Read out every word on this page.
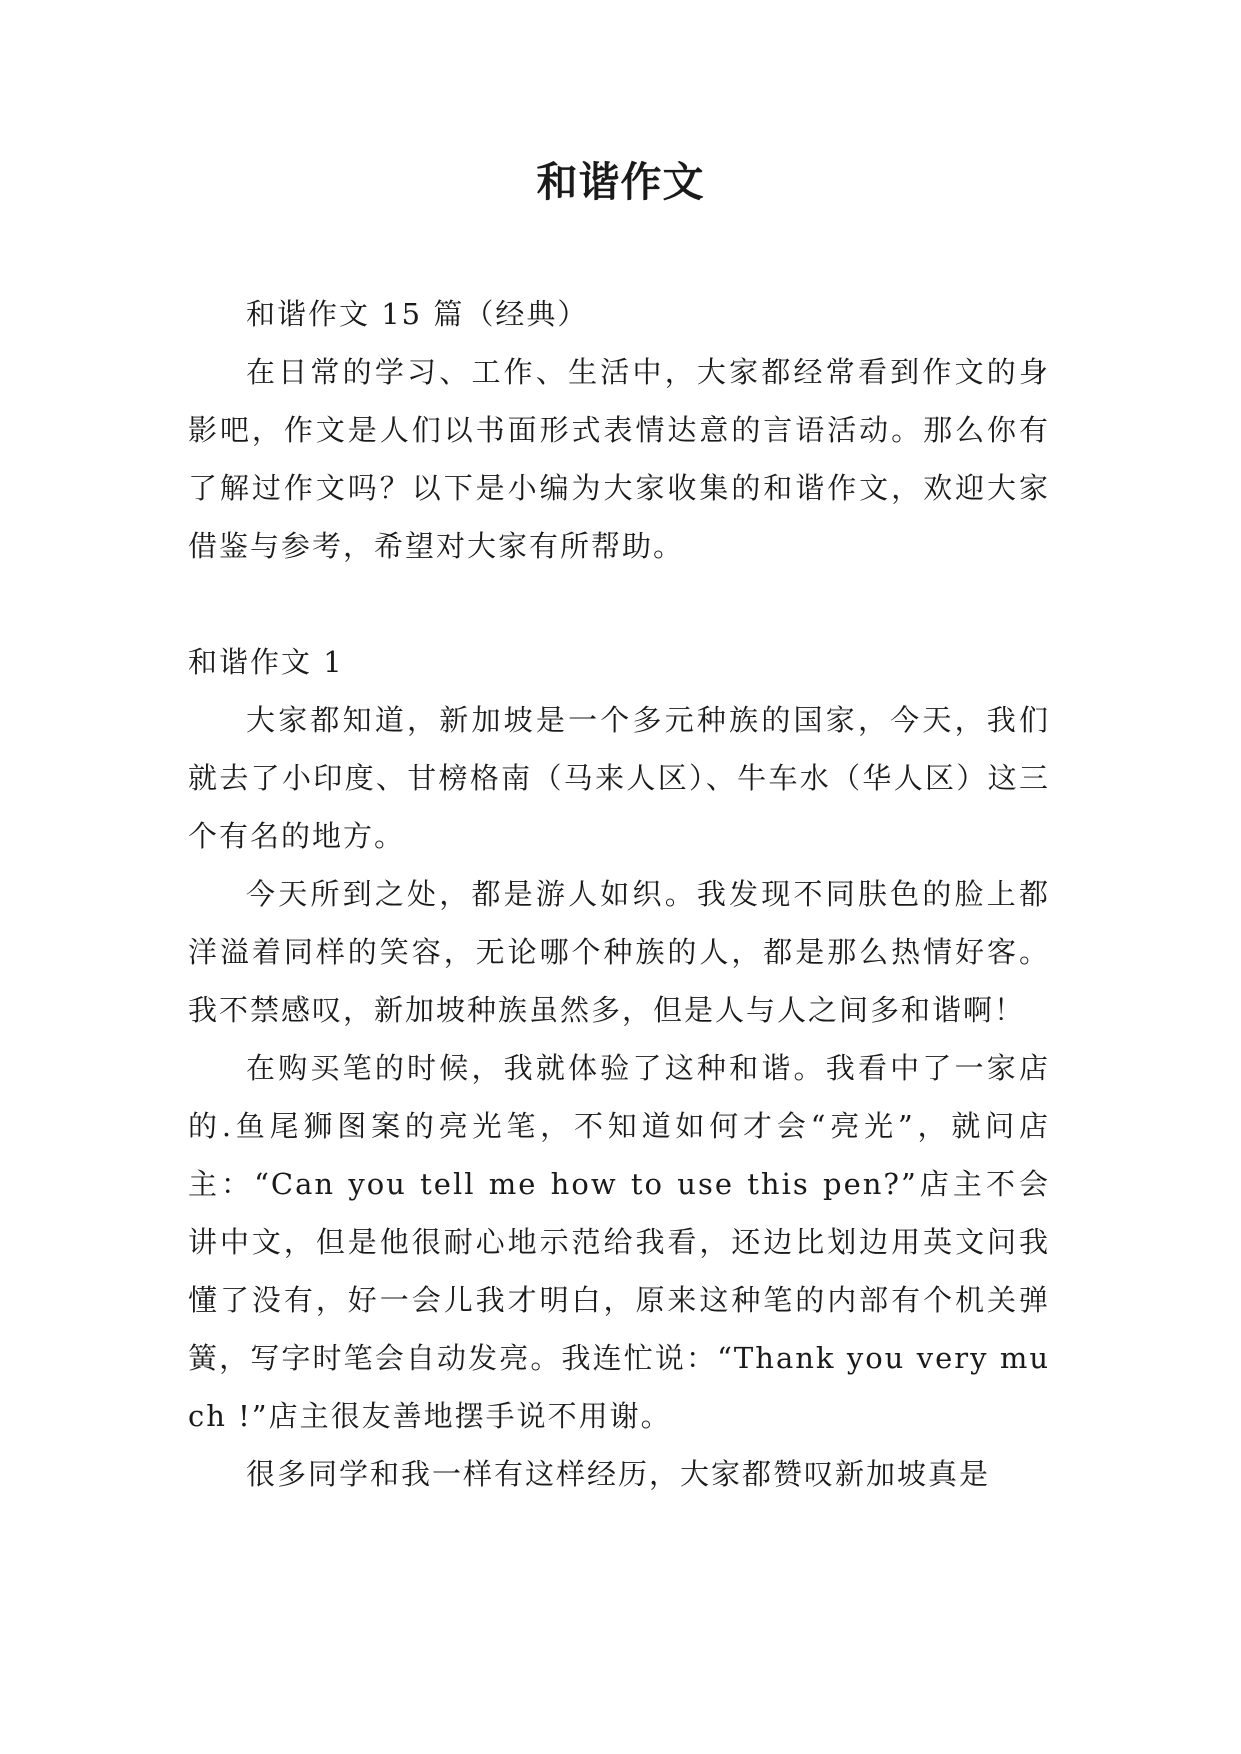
和谐作文

和谐作文 15 篇（经典）

在日常的学习、工作、生活中，大家都经常看到作文的身影吧，作文是人们以书面形式表情达意的言语活动。那么你有了解过作文吗？以下是小编为大家收集的和谐作文，欢迎大家借鉴与参考，希望对大家有所帮助。

和谐作文 1

大家都知道，新加坡是一个多元种族的国家，今天，我们就去了小印度、甘榜格南（马来人区）、牛车水（华人区）这三个有名的地方。

今天所到之处，都是游人如织。我发现不同肤色的脸上都洋溢着同样的笑容，无论哪个种族的人，都是那么热情好客。我不禁感叹，新加坡种族虽然多，但是人与人之间多和谐啊！

在购买笔的时候，我就体验了这种和谐。我看中了一家店的.鱼尾狮图案的亮光笔，不知道如何才会“亮光”，就问店主：“Can you tell me how to use this pen?”店主不会讲中文，但是他很耐心地示范给我看，还边比划边用英文问我懂了没有，好一会儿我才明白，原来这种笔的内部有个机关弹簧，写字时笔会自动发亮。我连忙说：“Thank you very much !”店主很友善地摆手说不用谢。

很多同学和我一样有这样经历，大家都赞叹新加坡真是
